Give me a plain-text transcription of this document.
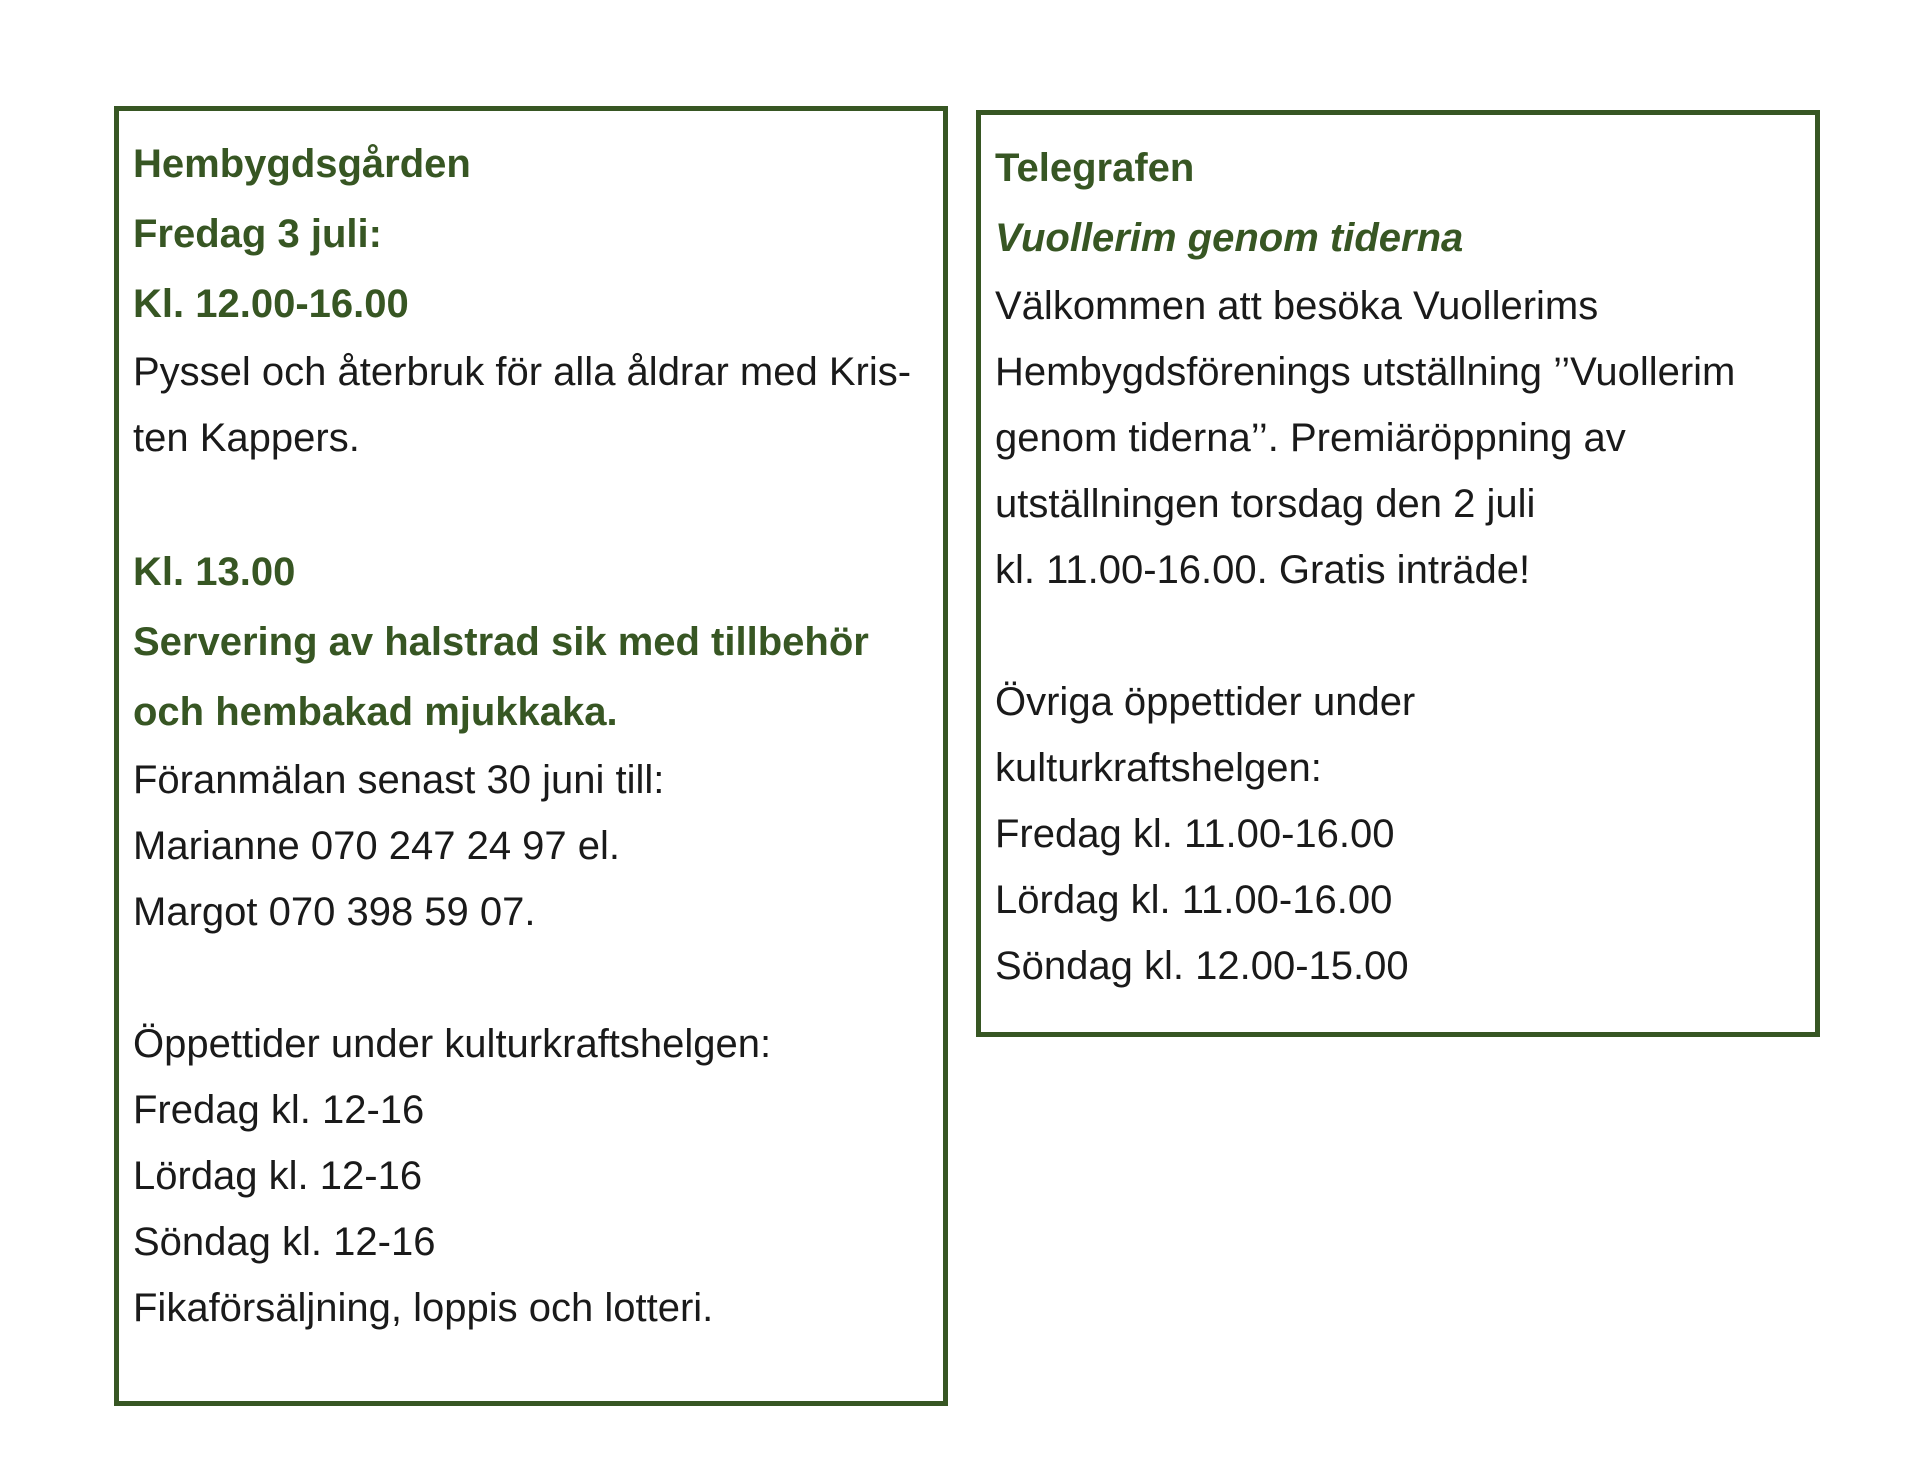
Hembygdsgården

Fredag 3 juli:

Kl. 12.00-16.00

Pyssel och återbruk för alla åldrar med Kris-

ten Kappers.

Kl. 13.00

Servering av halstrad sik med tillbehör

och hembakad mjukkaka.

Föranmälan senast 30 juni till:

Marianne 070 247 24 97 el.

Margot 070 398 59 07.

Öppettider under kulturkraftshelgen:

Fredag kl. 12-16

Lördag kl. 12-16

Söndag kl. 12-16

Fikaförsäljning, loppis och lotteri.

Telegrafen

Vuollerim genom tiderna

Välkommen att besöka Vuollerims

Hembygdsförenings utställning ’’Vuollerim

genom tiderna’’. Premiäröppning av

utställningen torsdag den 2 juli

kl. 11.00-16.00. Gratis inträde!

Övriga öppettider under

kulturkraftshelgen:

Fredag kl. 11.00-16.00

Lördag kl. 11.00-16.00

Söndag kl. 12.00-15.00
